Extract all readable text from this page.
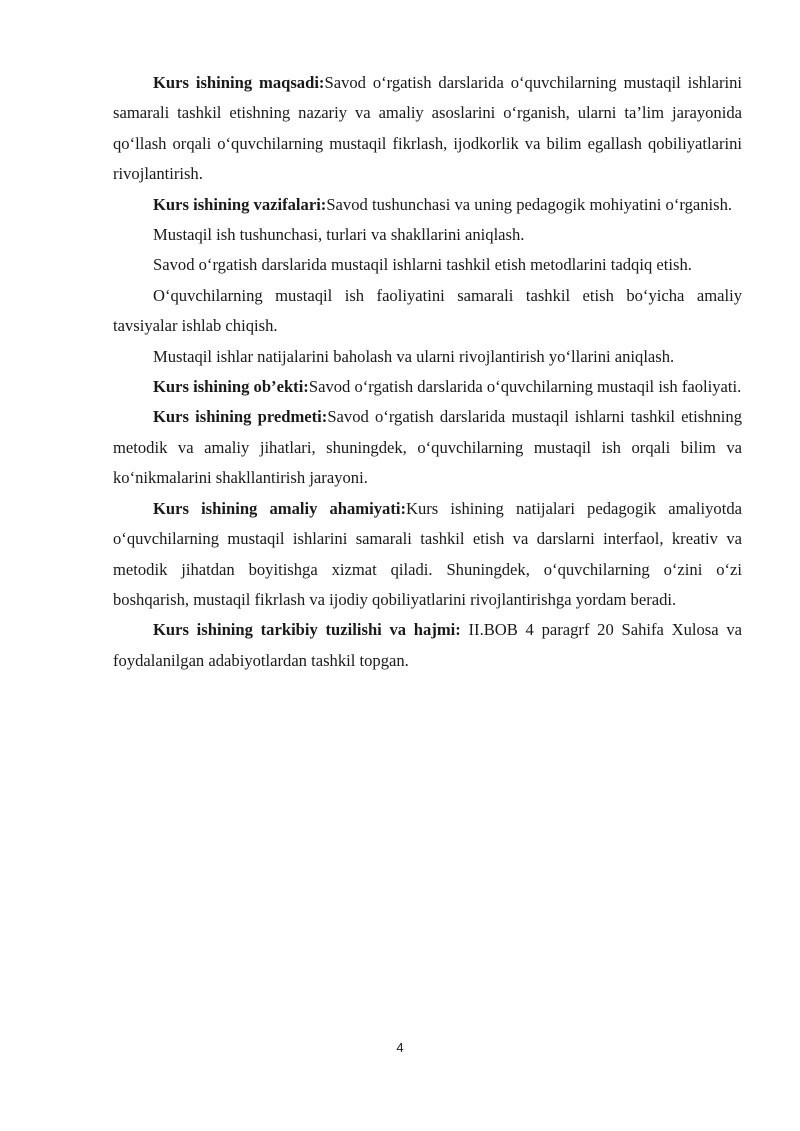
Kurs ishining maqsadi:Savod o‘rgatish darslarida o‘quvchilarning mustaqil ishlarini samarali tashkil etishning nazariy va amaliy asoslarini o‘rganish, ularni ta’lim jarayonida qo‘llash orqali o‘quvchilarning mustaqil fikrlash, ijodkorlik va bilim egallash qobiliyatlarini rivojlantirish.

Kurs ishining vazifalari:Savod tushunchasi va uning pedagogik mohiyatini o‘rganish.

Mustaqil ish tushunchasi, turlari va shakllarini aniqlash.

Savod o‘rgatish darslarida mustaqil ishlarni tashkil etish metodlarini tadqiq etish.

O‘quvchilarning mustaqil ish faoliyatini samarali tashkil etish bo‘yicha amaliy tavsiyalar ishlab chiqish.

Mustaqil ishlar natijalarini baholash va ularni rivojlantirish yo‘llarini aniqlash.

Kurs ishining ob’ekti:Savod o‘rgatish darslarida o‘quvchilarning mustaqil ish faoliyati.

Kurs ishining predmeti:Savod o‘rgatish darslarida mustaqil ishlarni tashkil etishning metodik va amaliy jihatlari, shuningdek, o‘quvchilarning mustaqil ish orqali bilim va ko‘nikmalarini shakllantirish jarayoni.

Kurs ishining amaliy ahamiyati:Kurs ishining natijalari pedagogik amaliyotda o‘quvchilarning mustaqil ishlarini samarali tashkil etish va darslarni interfaol, kreativ va metodik jihatdan boyitishga xizmat qiladi. Shuningdek, o‘quvchilarning o‘zini o‘zi boshqarish, mustaqil fikrlash va ijodiy qobiliyatlarini rivojlantirishga yordam beradi.

Kurs ishining tarkibiy tuzilishi va hajmi: II.BOB 4 paragrf 20 Sahifa Xulosa va foydalanilgan adabiyotlardan tashkil topgan.

4
